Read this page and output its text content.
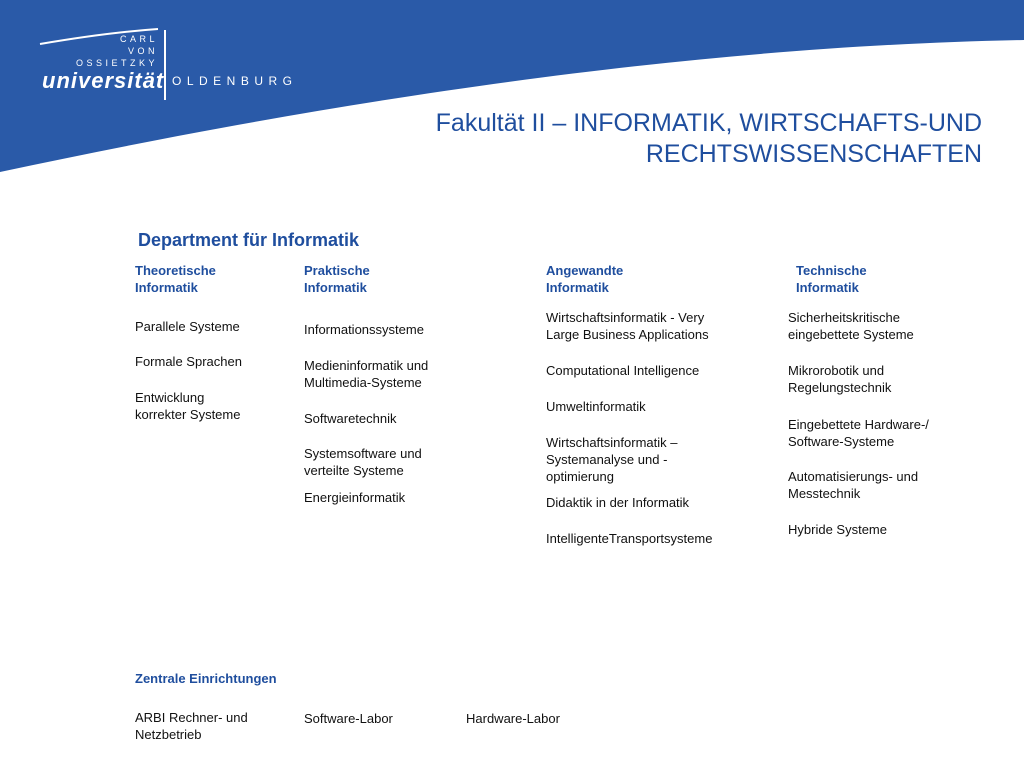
CARL
VON
OSSIETZKY
universität OLDENBURG
Fakultät II – INFORMATIK, WIRTSCHAFTS-UND
RECHTSWISSENSCHAFTEN
Department für Informatik
Theoretische
Informatik
Praktische
Informatik
Angewandte
Informatik
Technische
Informatik
Parallele Systeme
Formale Sprachen
Entwicklung
korrekter Systeme
Informationssysteme
Medieninformatik und
Multimedia-Systeme
Softwaretechnik
Systemsoftware und
verteilte Systeme
Energieinformatik
Wirtschaftsinformatik - Very
Large Business Applications
Computational Intelligence
Umweltinformatik
Wirtschaftsinformatik –
Systemanalyse und -
optimierung
Didaktik in der Informatik
IntelligenteTransportsysteme
Sicherheitskritische
eingebettete Systeme
Mikrorobotik und
Regelungstechnik
Eingebettete Hardware-/
Software-Systeme
Automatisierungs- und
Messtechnik
Hybride Systeme
Zentrale Einrichtungen
ARBI Rechner- und
Netzbetrieb
Software-Labor	Hardware-Labor
